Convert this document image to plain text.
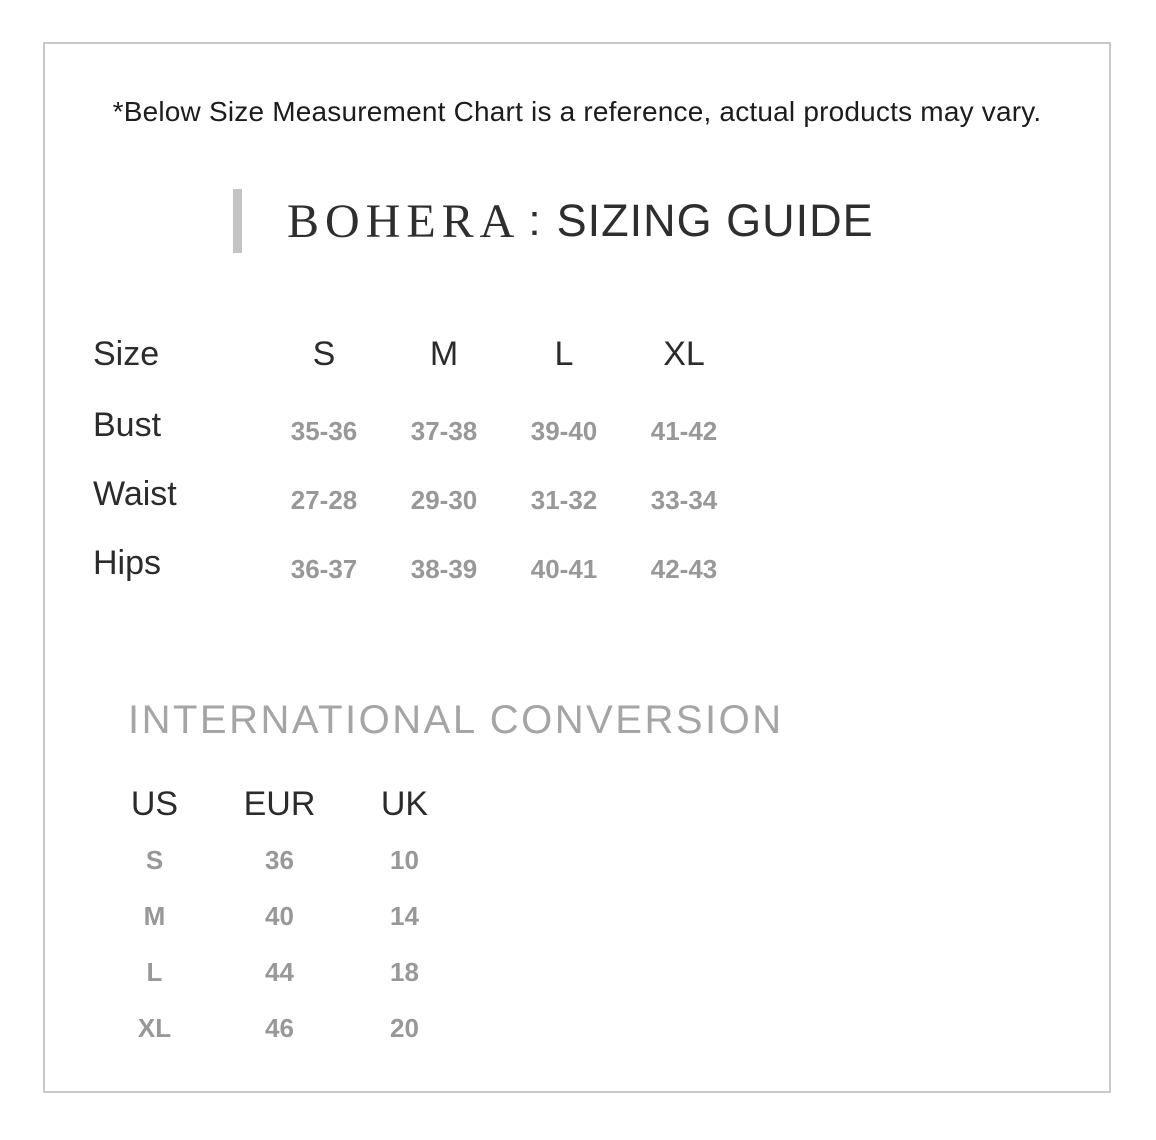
*Below Size Measurement Chart is a reference, actual products may vary.
BOHERA : SIZING GUIDE
Size	S	M	L	XL
Bust	35-36	37-38	39-40	41-42
Waist	27-28	29-30	31-32	33-34
Hips	36-37	38-39	40-41	42-43
INTERNATIONAL CONVERSION
US	EUR	UK
S	36	10
M	40	14
L	44	18
XL	46	20
